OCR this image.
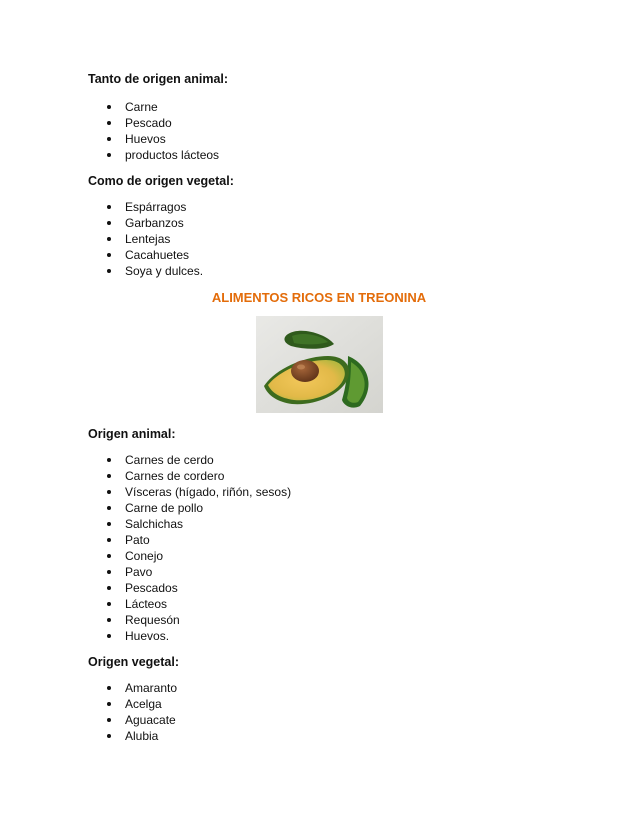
Tanto de origen animal:

Carne
Pescado
Huevos
productos lácteos

Como de origen vegetal:

Espárragos
Garbanzos
Lentejas
Cacahuetes
Soya y dulces.

ALIMENTOS RICOS EN TREONINA

Origen animal:

Carnes de cerdo
Carnes de cordero
Vísceras (hígado, riñón, sesos)
Carne de pollo
Salchichas
Pato
Conejo
Pavo
Pescados
Lácteos
Requesón
Huevos.

Origen vegetal:

Amaranto
Acelga
Aguacate
Alubia
